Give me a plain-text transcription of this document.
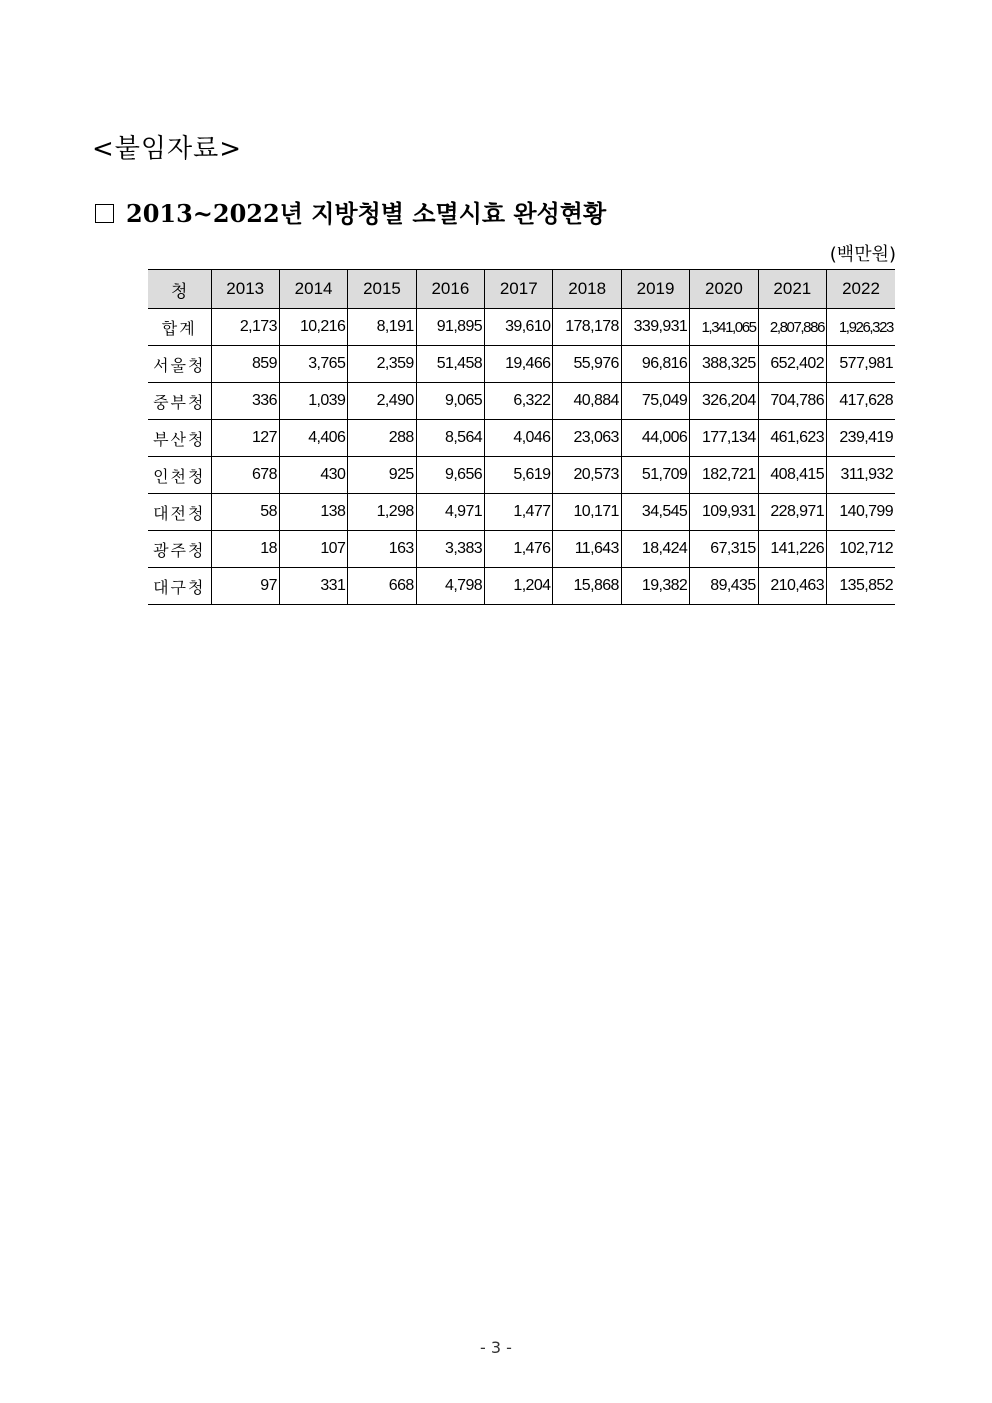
<붙임자료>
2013~2022년 지방청별 소멸시효 완성현황
(백만원)
청	2013	2014	2015	2016	2017	2018	2019	2020	2021	2022
합계	2,173	10,216	8,191	91,895	39,610	178,178	339,931	1,341,065	2,807,886	1,926,323
서울청	859	3,765	2,359	51,458	19,466	55,976	96,816	388,325	652,402	577,981
중부청	336	1,039	2,490	9,065	6,322	40,884	75,049	326,204	704,786	417,628
부산청	127	4,406	288	8,564	4,046	23,063	44,006	177,134	461,623	239,419
인천청	678	430	925	9,656	5,619	20,573	51,709	182,721	408,415	311,932
대전청	58	138	1,298	4,971	1,477	10,171	34,545	109,931	228,971	140,799
광주청	18	107	163	3,383	1,476	11,643	18,424	67,315	141,226	102,712
대구청	97	331	668	4,798	1,204	15,868	19,382	89,435	210,463	135,852
- 3 -
